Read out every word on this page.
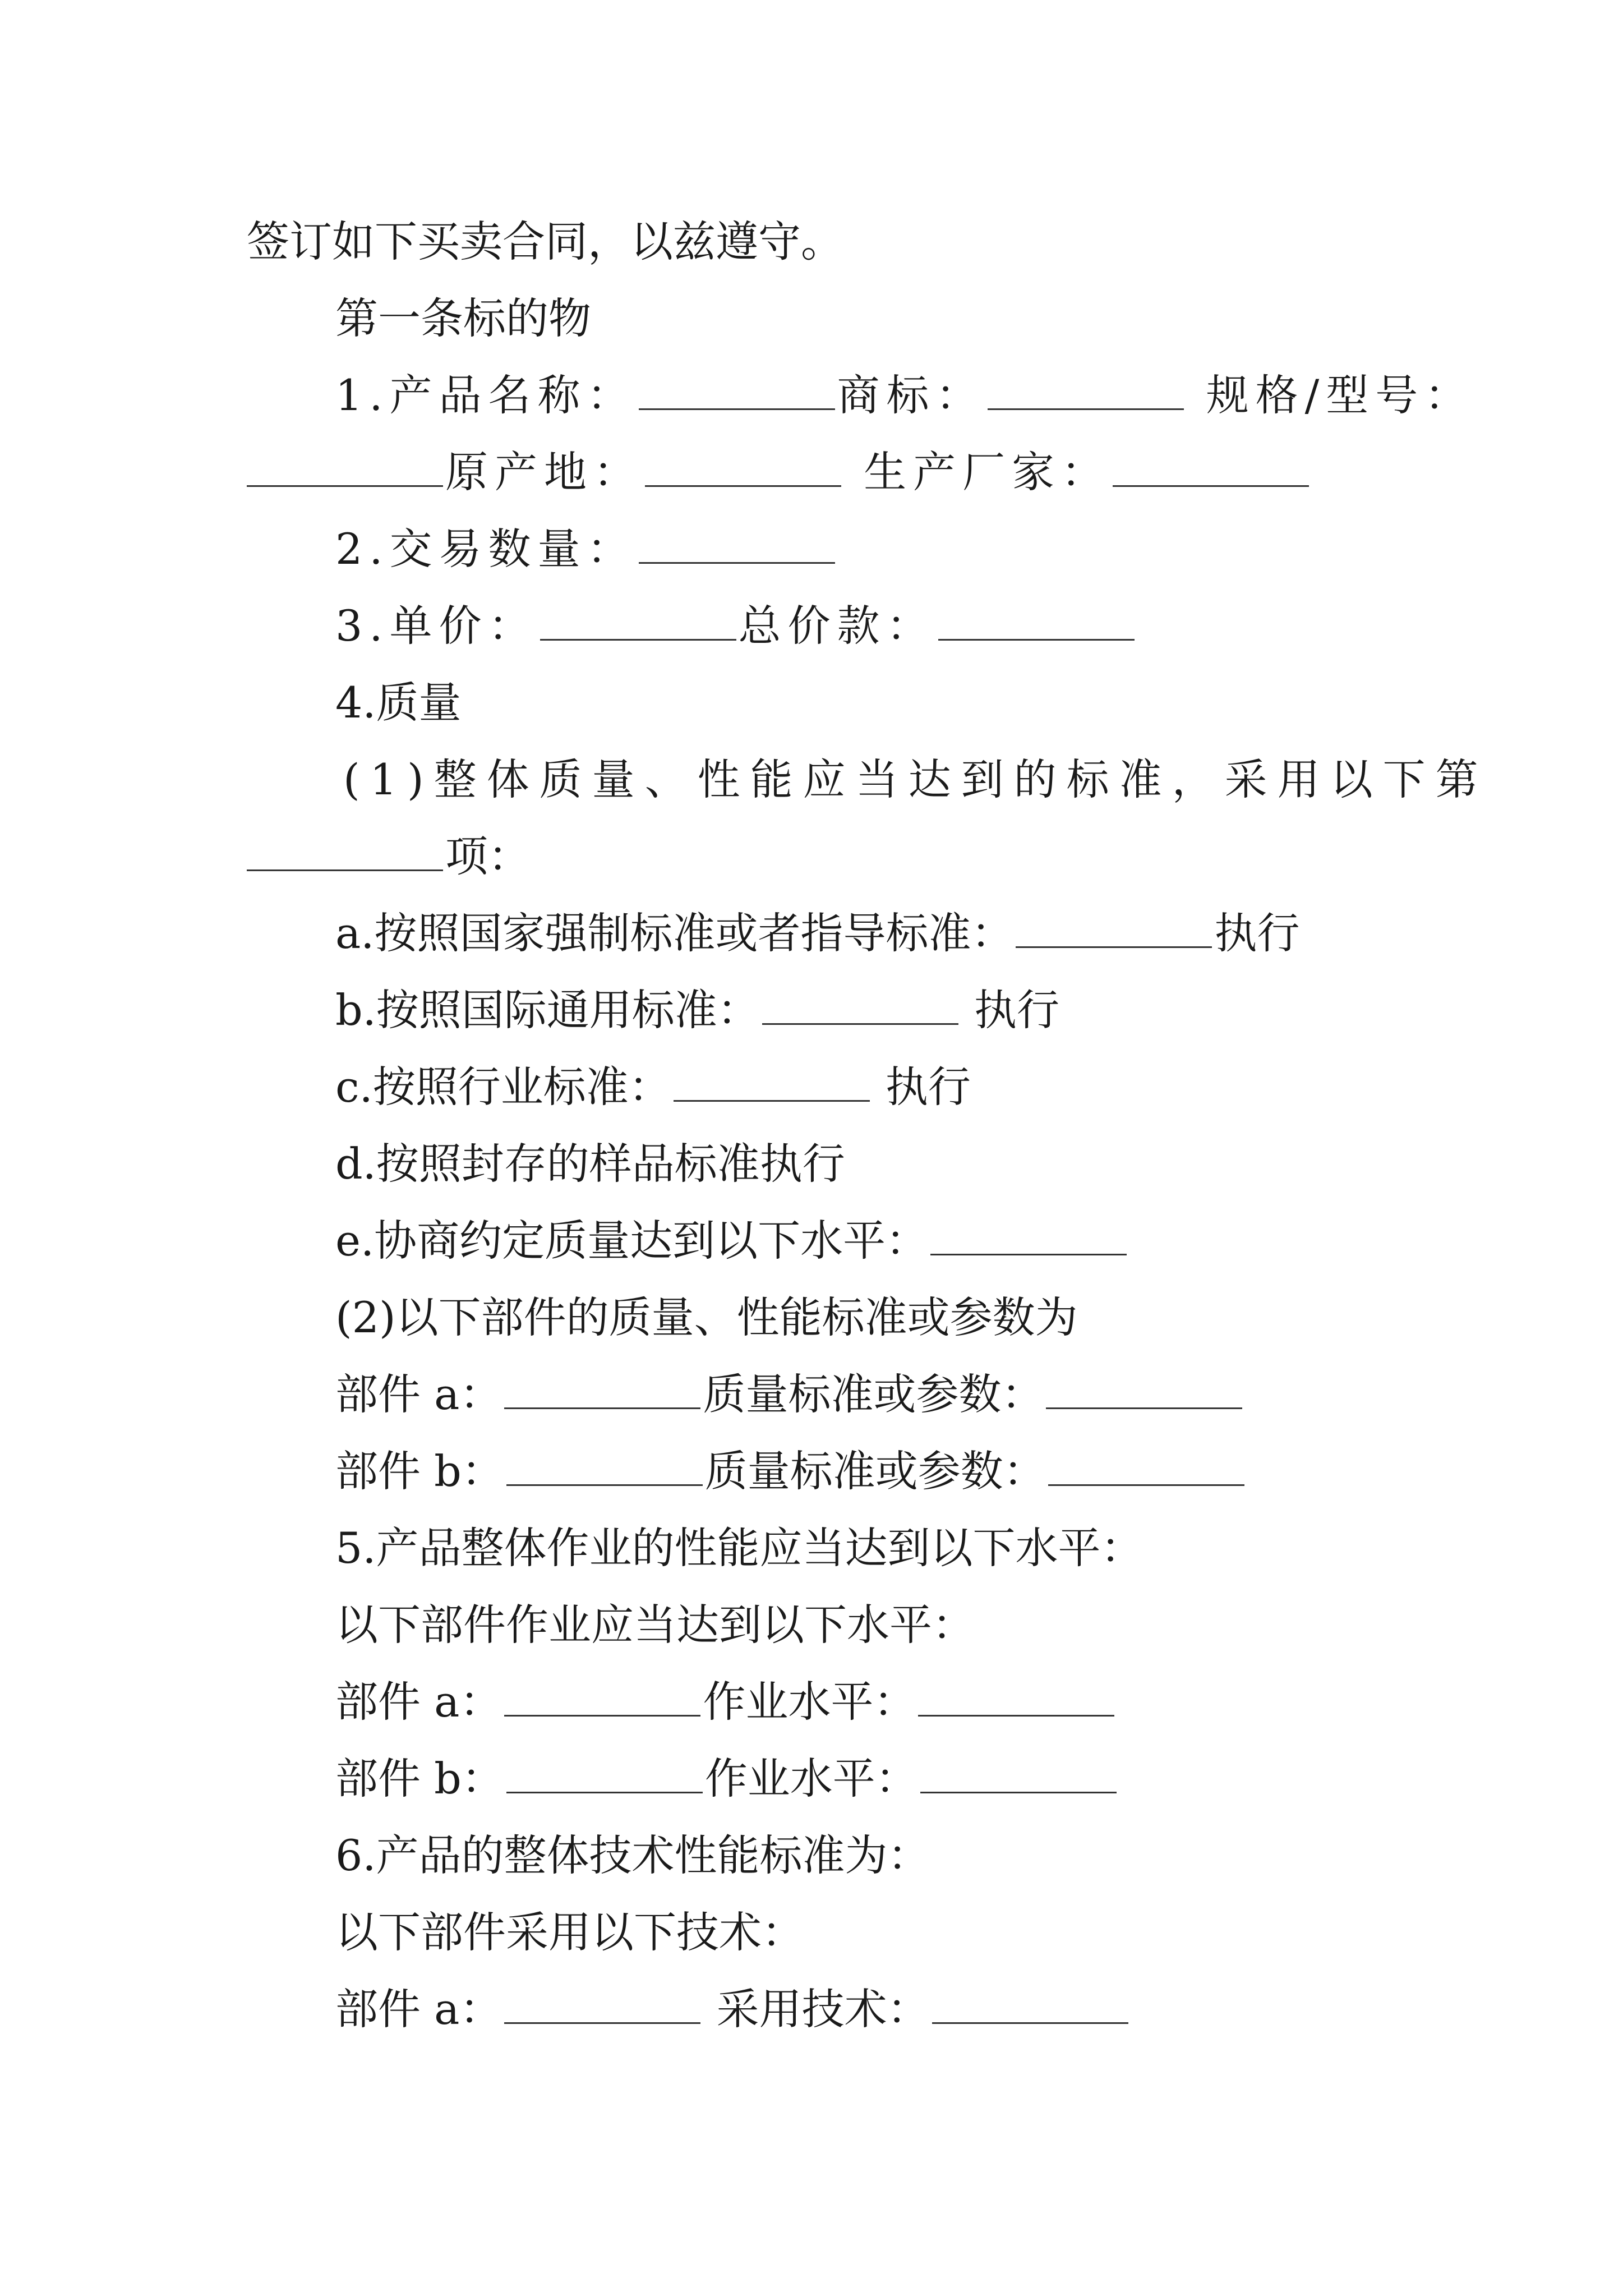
签订如下买卖合同，以兹遵守。
第一条标的物
1.产品名称：	商标：	规格/型号：
原产地：	生产厂家：
2.交易数量：
3.单价：	总价款：
4.质量
(1)整体质量、性能应当达到的标准，采用以下第
项：
a.按照国家强制标准或者指导标准：	执行
b.按照国际通用标准：	执行
c.按照行业标准：	执行
d.按照封存的样品标准执行
e.协商约定质量达到以下水平：
(2)以下部件的质量、性能标准或参数为
部件 a：	质量标准或参数：
部件 b：	质量标准或参数：
5.产品整体作业的性能应当达到以下水平：
以下部件作业应当达到以下水平：
部件 a：	作业水平：
部件 b：	作业水平：
6.产品的整体技术性能标准为：
以下部件采用以下技术：
部件 a：	采用技术：
